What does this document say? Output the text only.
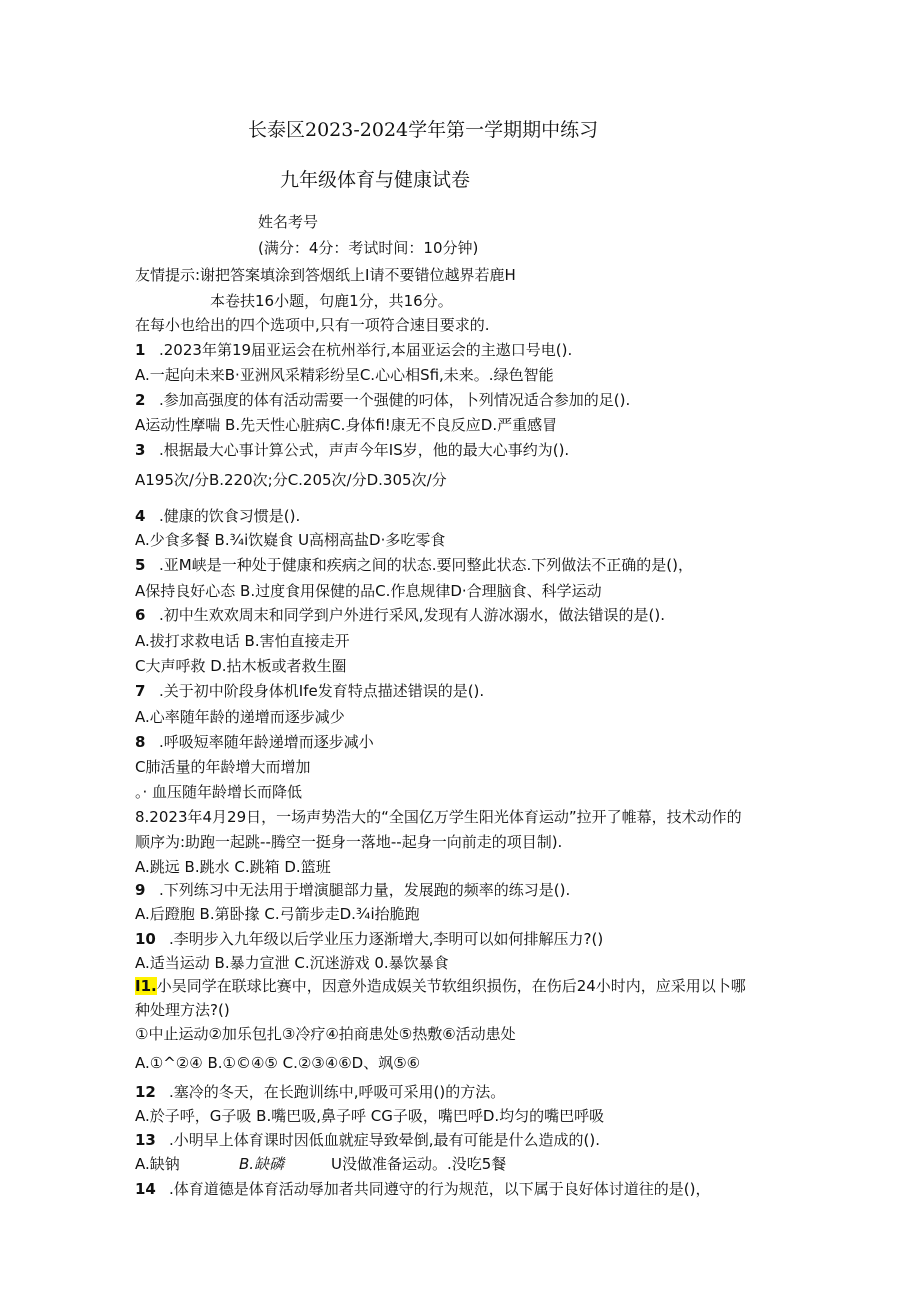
长泰区2023-2024学年第一学期期中练习
九年级体育与健康试卷
姓名考号
(满分：4分：考试时间：10分钟)
友情提示:谢把答案填涂到答烟纸上I请不要错位越界若鹿H
本卷扶16小题，句鹿1分，共16分。
在每小也给出的四个选项中,只有一项符合速目要求的.
1 .2023年第19届亚运会在杭州举行,本届亚运会的主遨口号电().
A.一起向未来B·亚洲风采精彩纷呈C.心心相Sfi,未来。.绿色智能
2 .参加高强度的体有活动需要一个强健的叼体，卜列情况适合参加的足().
A运动性摩喘 B.先天性心脏病C.身体fi!康无不良反应D.严重感冒
3 .根据最大心事计算公式，声声今年IS岁，他的最大心事约为().
A195次/分B.220次;分C.205次/分D.305次/分
4 .健康的饮食习惯是().
A.少食多餐 B.¾i饮嶷食 U高栩高盐D·多吃零食
5 .亚M峡是一种处于健康和疾病之间的状态.要冋整此状态.下列做法不正确的是()，
A保持良好心态 B.过度食用保健的品C.作息规律D·合理脑食、科学运动
6 .初中生欢欢周末和同学到户外进行采风,发现有人游冰溺水，做法错误的是().
A.拔打求救电话 B.害怕直接走开
C大声呼救 D.拈木板或者救生圈
7 .关于初中阶段身体机Ife发育特点描述错误的是().
A.心率随年龄的递增而逐步减少
8 .呼吸短率随年龄递增而逐步减小
C肺活量的年龄增大而增加
。· 血压随年龄增长而降低
8.2023年4月29日，一场声势浩大的“全国亿万学生阳光体育运动”拉开了帷幕，技术动作的
顺序为:助跑一起跳--腾空一挺身一落地--起身一向前走的项目制).
A.跳远 B.跳水 C.跳箱 D.篮班
9 .下列练习中无法用于增演腿部力量，发展跑的频率的练习是().
A.后蹬胞 B.第卧掾 C.弓箭步走D.¾i抬脆跑
10 .李明步入九年级以后学业压力逐渐增大,李明可以如何排解压力?()
A.适当运动 B.暴力宣泄 C.沉迷游戏 0.暴饮暴食
I1.小吴同学在联球比赛中，因意外造成娱关节软组织损伤，在伤后24小时内，应采用以卜哪
种处理方法?()
①中止运动②加乐包扎③冷疗④拍商患处⑤热敷⑥活动患处
A.①^②④ B.①©④⑤ C.②③④⑥D、飒⑤⑥
12 .塞冷的冬天，在长跑训练中,呼吸可采用()的方法。
A.於子呼，G子吸 B.嘴巴吸,鼻子呼 CG子吸，嘴巴呼D.均匀的嘴巴呼吸
13 .小明早上体育课时因低血就症导致晕倒,最有可能是什么造成的().
A.缺钠	B.缺磷	U没做准备运动。.没吃5餐
14 .体育道德是体育活动辱加者共同遵守的行为规范，以下属于良好体讨道往的是()，
